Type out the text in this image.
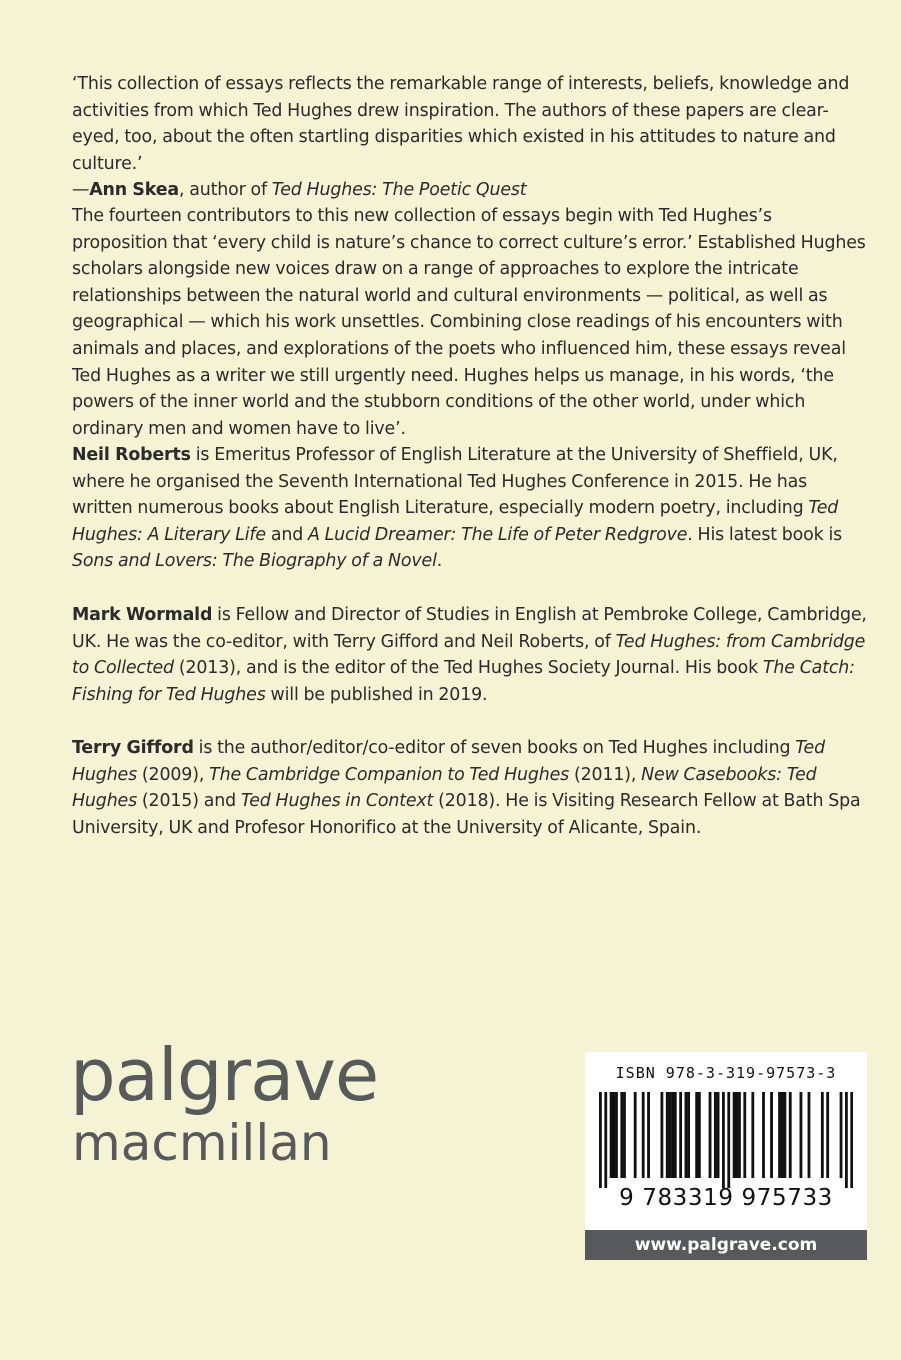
‘This collection of essays reflects the remarkable range of interests, beliefs, knowledge and activities from which Ted Hughes drew inspiration. The authors of these papers are clear-eyed, too, about the often startling disparities which existed in his attitudes to nature and culture.’
—Ann Skea, author of Ted Hughes: The Poetic Quest

The fourteen contributors to this new collection of essays begin with Ted Hughes’s proposition that ‘every child is nature’s chance to correct culture’s error.’ Established Hughes scholars alongside new voices draw on a range of approaches to explore the intricate relationships between the natural world and cultural environments — political, as well as geographical — which his work unsettles. Combining close readings of his encounters with animals and places, and explorations of the poets who influenced him, these essays reveal Ted Hughes as a writer we still urgently need. Hughes helps us manage, in his words, ‘the powers of the inner world and the stubborn conditions of the other world, under which ordinary men and women have to live’.

Neil Roberts is Emeritus Professor of English Literature at the University of Sheffield, UK, where he organised the Seventh International Ted Hughes Conference in 2015. He has written numerous books about English Literature, especially modern poetry, including Ted Hughes: A Literary Life and A Lucid Dreamer: The Life of Peter Redgrove. His latest book is Sons and Lovers: The Biography of a Novel.

Mark Wormald is Fellow and Director of Studies in English at Pembroke College, Cambridge, UK. He was the co-editor, with Terry Gifford and Neil Roberts, of Ted Hughes: from Cambridge to Collected (2013), and is the editor of the Ted Hughes Society Journal. His book The Catch: Fishing for Ted Hughes will be published in 2019.

Terry Gifford is the author/editor/co-editor of seven books on Ted Hughes including Ted Hughes (2009), The Cambridge Companion to Ted Hughes (2011), New Casebooks: Ted Hughes (2015) and Ted Hughes in Context (2018). He is Visiting Research Fellow at Bath Spa University, UK and Profesor Honorifico at the University of Alicante, Spain.

palgrave
macmillan
ISBN 978-3-319-97573-3
9 783319 975733
www.palgrave.com
